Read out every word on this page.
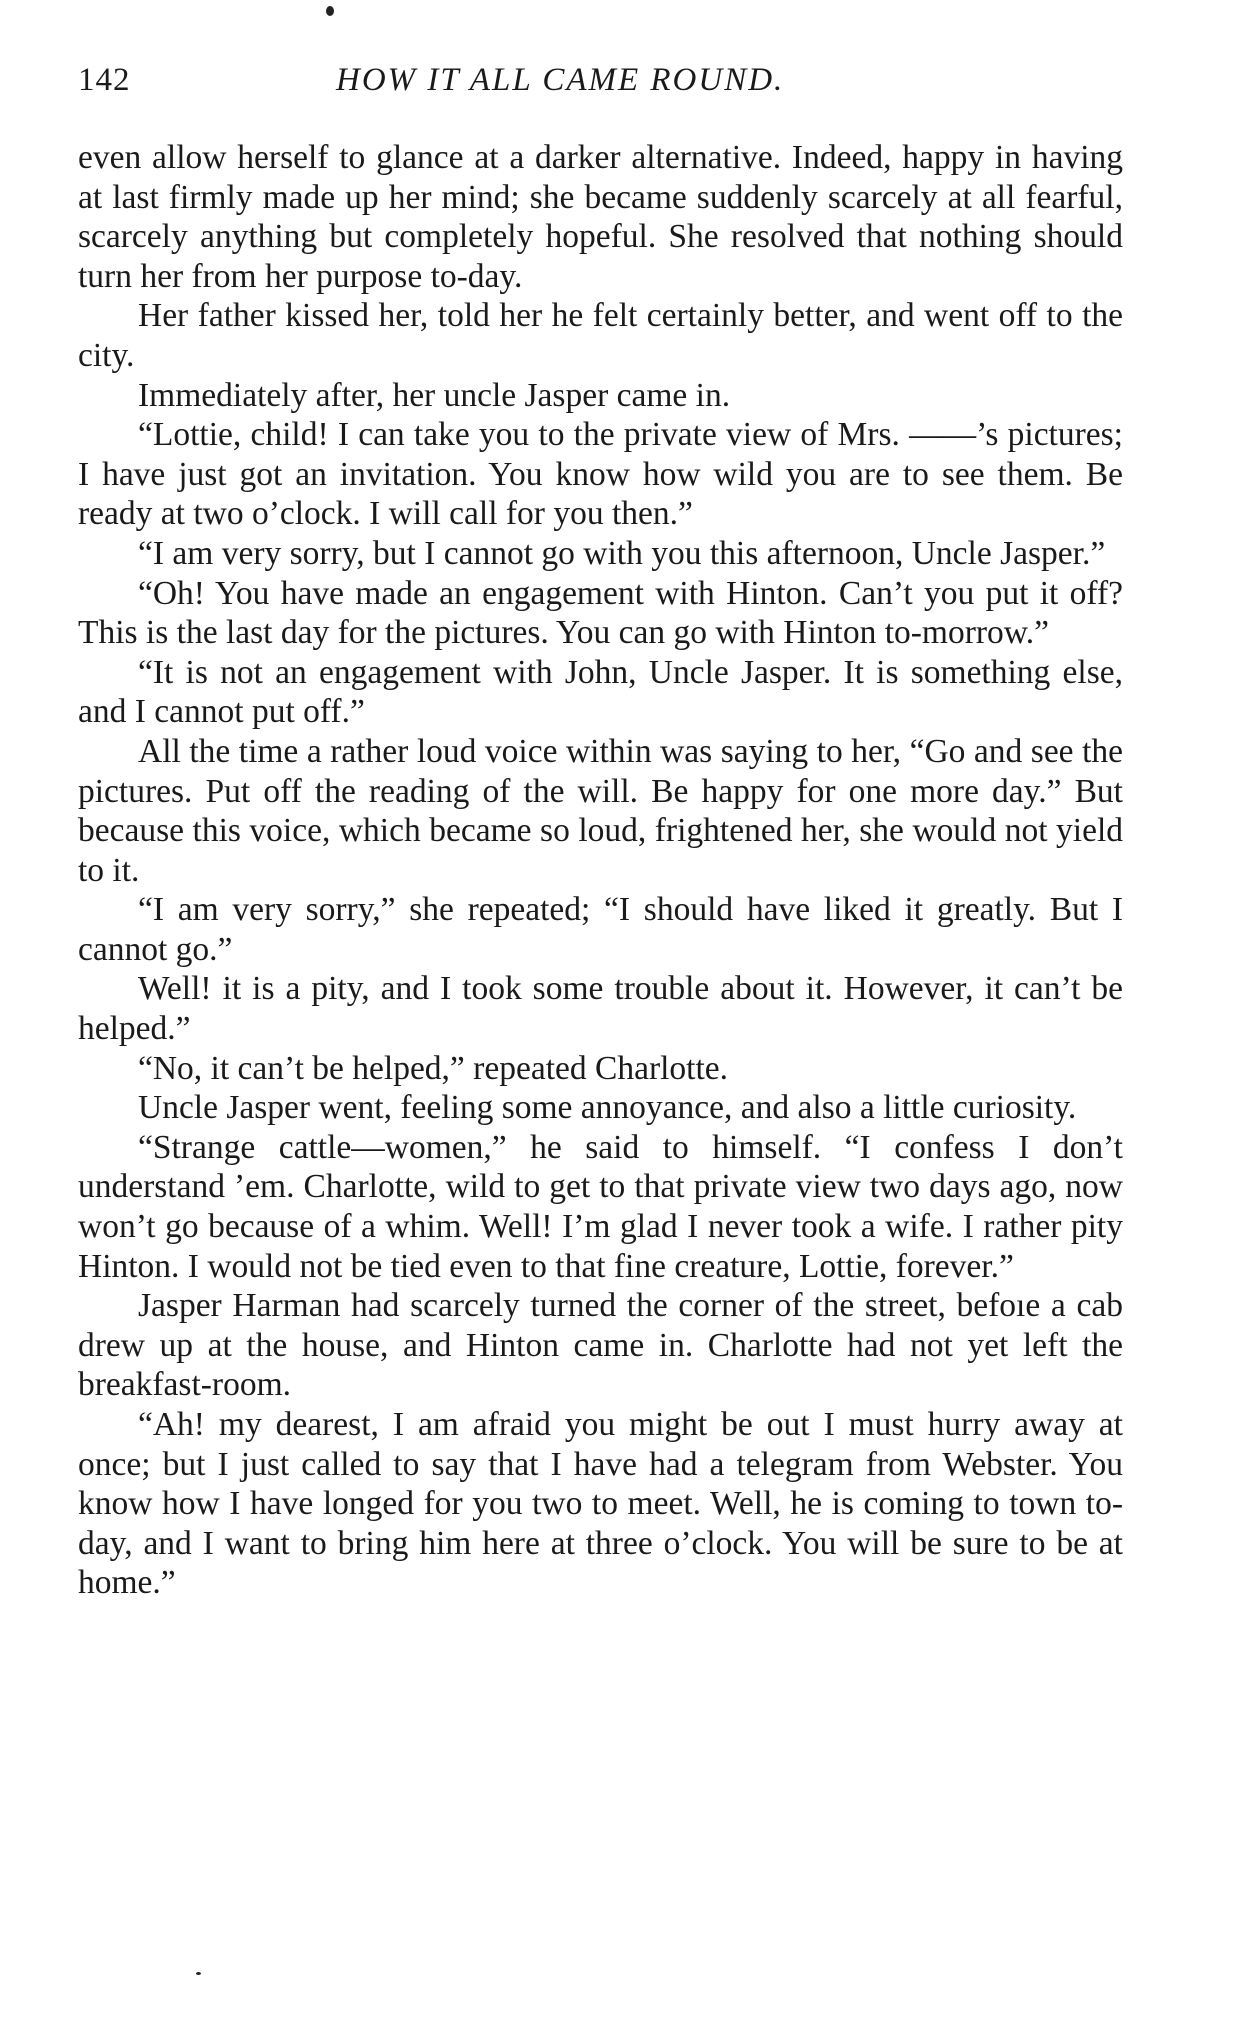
142	HOW IT ALL CAME ROUND.

even allow herself to glance at a darker alternative. Indeed, happy in having at last firmly made up her mind; she became suddenly scarcely at all fearful, scarcely anything but completely hopeful. She resolved that nothing should turn her from her purpose to-day.

Her father kissed her, told her he felt certainly better, and went off to the city.

Immediately after, her uncle Jasper came in.

“Lottie, child! I can take you to the private view of Mrs. ——’s pictures; I have just got an invitation. You know how wild you are to see them. Be ready at two o’clock. I will call for you then.”

“I am very sorry, but I cannot go with you this afternoon, Uncle Jasper.”

“Oh! You have made an engagement with Hinton. Can’t you put it off? This is the last day for the pictures. You can go with Hinton to-morrow.”

“It is not an engagement with John, Uncle Jasper. It is something else, and I cannot put off.”

All the time a rather loud voice within was saying to her, “Go and see the pictures. Put off the reading of the will. Be happy for one more day.” But because this voice, which became so loud, frightened her, she would not yield to it.

“I am very sorry,” she repeated; “I should have liked it greatly. But I cannot go.”

Well! it is a pity, and I took some trouble about it. However, it can’t be helped.”

“No, it can’t be helped,” repeated Charlotte.

Uncle Jasper went, feeling some annoyance, and also a little curiosity.

“Strange cattle—women,” he said to himself. “I confess I don’t understand ’em. Charlotte, wild to get to that private view two days ago, now won’t go because of a whim. Well! I’m glad I never took a wife. I rather pity Hinton. I would not be tied even to that fine creature, Lottie, forever.”

Jasper Harman had scarcely turned the corner of the street, befoıe a cab drew up at the house, and Hinton came in. Charlotte had not yet left the breakfast-room.

“Ah! my dearest, I am afraid you might be out I must hurry away at once; but I just called to say that I have had a telegram from Webster. You know how I have longed for you two to meet. Well, he is coming to town to-day, and I want to bring him here at three o’clock. You will be sure to be at home.”
